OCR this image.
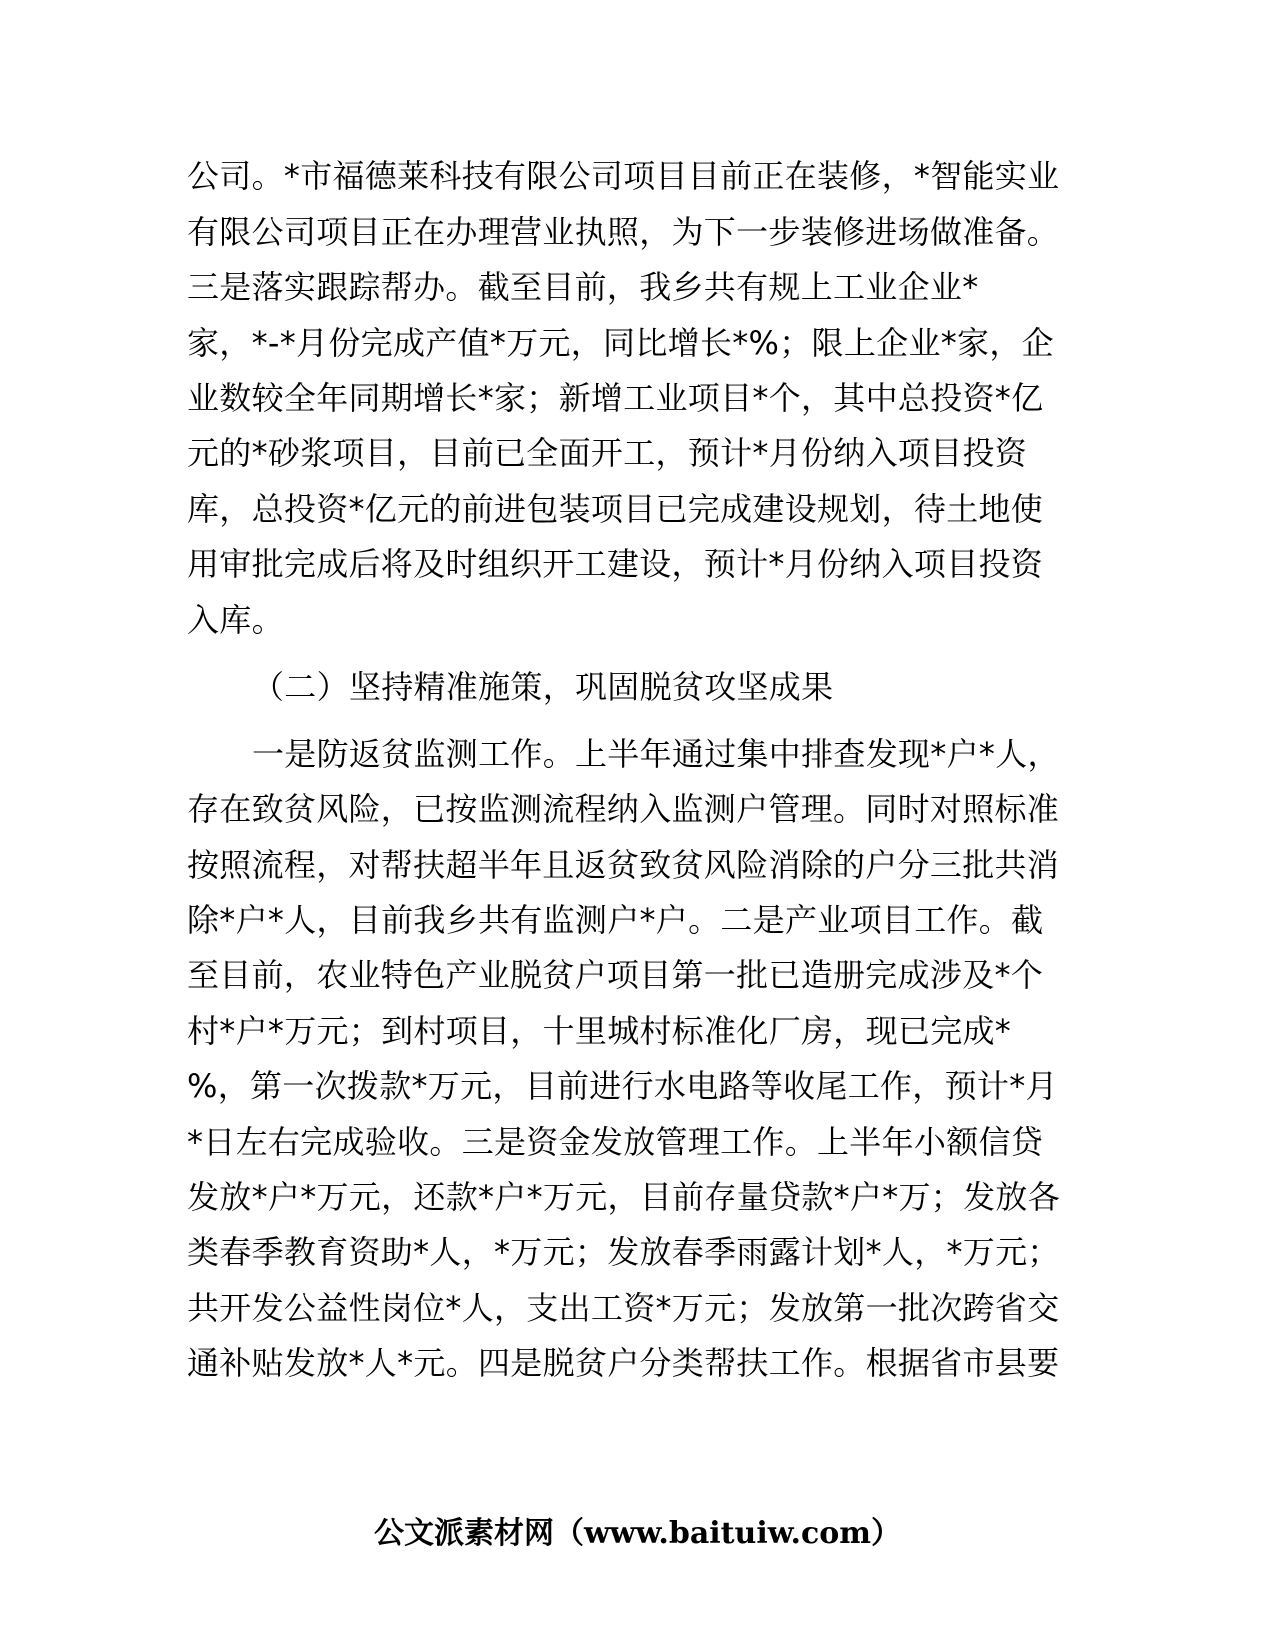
公司。*市福德莱科技有限公司项目目前正在装修，*智能实业
有限公司项目正在办理营业执照，为下一步装修进场做准备。
三是落实跟踪帮办。截至目前，我乡共有规上工业企业*
家，*-*月份完成产值*万元，同比增长*%；限上企业*家，企
业数较全年同期增长*家；新增工业项目*个，其中总投资*亿
元的*砂浆项目，目前已全面开工，预计*月份纳入项目投资
库，总投资*亿元的前进包装项目已完成建设规划，待土地使
用审批完成后将及时组织开工建设，预计*月份纳入项目投资
入库。
（二）坚持精准施策，巩固脱贫攻坚成果
一是防返贫监测工作。上半年通过集中排查发现*户*人，
存在致贫风险，已按监测流程纳入监测户管理。同时对照标准
按照流程，对帮扶超半年且返贫致贫风险消除的户分三批共消
除*户*人，目前我乡共有监测户*户。二是产业项目工作。截
至目前，农业特色产业脱贫户项目第一批已造册完成涉及*个
村*户*万元；到村项目，十里城村标准化厂房，现已完成*
%，第一次拨款*万元，目前进行水电路等收尾工作，预计*月
*日左右完成验收。三是资金发放管理工作。上半年小额信贷
发放*户*万元，还款*户*万元，目前存量贷款*户*万；发放各
类春季教育资助*人，*万元；发放春季雨露计划*人，*万元；
共开发公益性岗位*人，支出工资*万元；发放第一批次跨省交
通补贴发放*人*元。四是脱贫户分类帮扶工作。根据省市县要
公文派素材网（www.baituiw.com）
